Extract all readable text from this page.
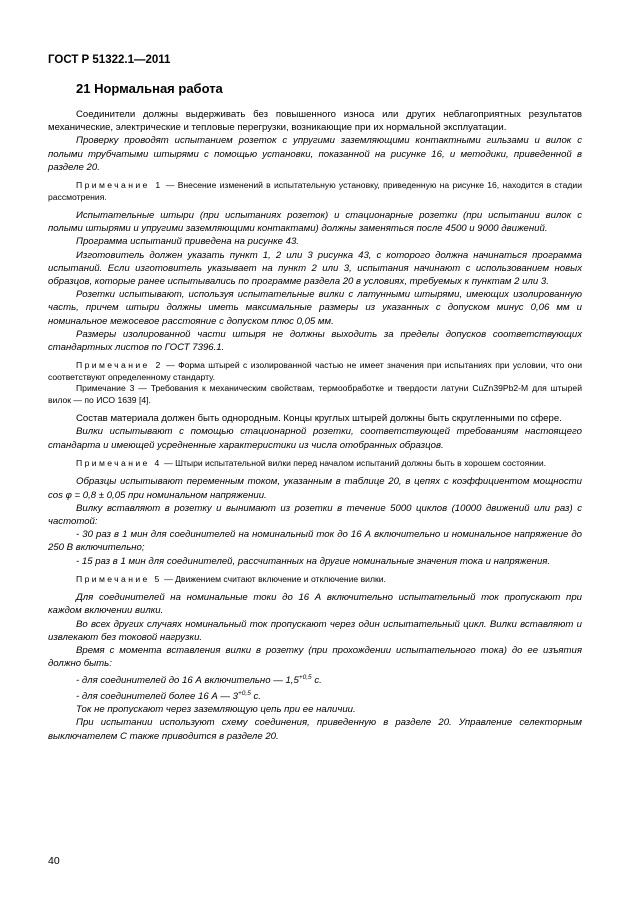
ГОСТ Р 51322.1—2011
21 Нормальная работа

Соединители должны выдерживать без повышенного износа или других неблагоприятных результатов механические, электрические и тепловые перегрузки, возникающие при их нормальной эксплуатации.

Проверку проводят испытанием розеток с упругими заземляющими контактными гильзами и вилок с полыми трубчатыми штырями с помощью установки, показанной на рисунке 16, и методики, приведенной в разделе 20.

Примечание 1 — Внесение изменений в испытательную установку, приведенную на рисунке 16, находится в стадии рассмотрения.

Испытательные штыри (при испытаниях розеток) и стационарные розетки (при испытании вилок с полыми штырями и упругими заземляющими контактами) должны заменяться после 4500 и 9000 движений.

Программа испытаний приведена на рисунке 43.

Изготовитель должен указать пункт 1, 2 или 3 рисунка 43, с которого должна начинаться программа испытаний. Если изготовитель указывает на пункт 2 или 3, испытания начинают с использованием новых образцов, которые ранее испытывались по программе раздела 20 в условиях, требуемых к пунктам 2 или 3.

Розетки испытывают, используя испытательные вилки с латунными штырями, имеющих изолированную часть, причем штыри должны иметь максимальные размеры из указанных с допуском минус 0,06 мм и номинальное межосевое расстояние с допуском плюс 0,05 мм.

Размеры изолированной части штыря не должны выходить за пределы допусков соответствующих стандартных листов по ГОСТ 7396.1.

Примечание 2 — Форма штырей с изолированной частью не имеет значения при испытаниях при условии, что они соответствуют определенному стандарту.

Примечание 3 — Требования к механическим свойствам, термообработке и твердости латуни CuZn39Pb2-M для штырей вилок — по ИСО 1639 [4].

Состав материала должен быть однородным. Концы круглых штырей должны быть скругленными по сфере.

Вилки испытывают с помощью стационарной розетки, соответствующей требованиям настоящего стандарта и имеющей усредненные характеристики из числа отобранных образцов.

Примечание 4 — Штыри испытательной вилки перед началом испытаний должны быть в хорошем состоянии.

Образцы испытывают переменным током, указанным в таблице 20, в цепях с коэффициентом мощности cos φ = 0,8 ± 0,05 при номинальном напряжении.

Вилку вставляют в розетку и вынимают из розетки в течение 5000 циклов (10000 движений или раз) с частотой:

- 30 раз в 1 мин для соединителей на номинальный ток до 16 А включительно и номинальное напряжение до 250 В включительно;

- 15 раз в 1 мин для соединителей, рассчитанных на другие номинальные значения тока и напряжения.

Примечание 5 — Движением считают включение и отключение вилки.

Для соединителей на номинальные токи до 16 А включительно испытательный ток пропускают при каждом включении вилки.

Во всех других случаях номинальный ток пропускают через один испытательный цикл. Вилки вставляют и извлекают без токовой нагрузки.

Время с момента вставления вилки в розетку (при прохождении испытательного тока) до ее изъятия должно быть:

- для соединителей до 16 А включительно — $1,5^{+0,5}$ с.

- для соединителей более 16 А — $3^{+0,5}$ с.

Ток не пропускают через заземляющую цепь при ее наличии.

При испытании используют схему соединения, приведенную в разделе 20. Управление селекторным выключателем С также приводится в разделе 20.

40
